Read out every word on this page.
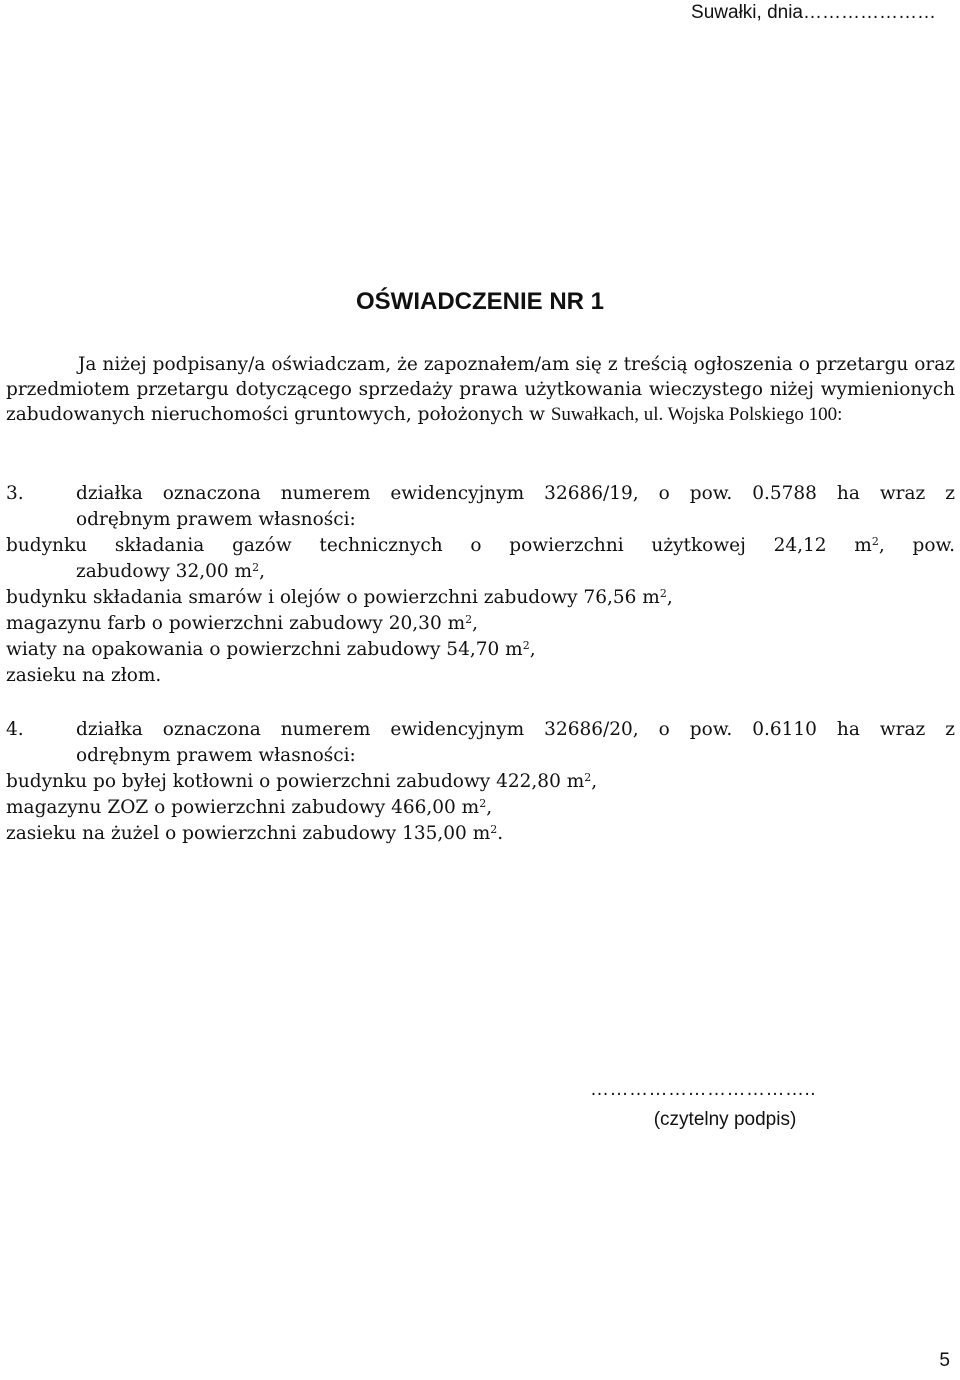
Suwałki, dnia…………………
OŚWIADCZENIE NR 1

Ja niżej podpisany/a oświadczam, że zapoznałem/am się z treścią ogłoszenia o przetargu oraz przedmiotem przetargu dotyczącego sprzedaży prawa użytkowania wieczystego niżej wymienionych zabudowanych nieruchomości gruntowych, położonych w Suwałkach, ul. Wojska Polskiego 100:

3.	działka oznaczona numerem ewidencyjnym 32686/19, o pow. 0.5788 ha wraz z
odrębnym prawem własności:
budynku składania gazów technicznych o powierzchni użytkowej 24,12 $m^2$, pow.
zabudowy 32,00 $m^2$,
budynku składania smarów i olejów o powierzchni zabudowy 76,56 $m^2$,
magazynu farb o powierzchni zabudowy 20,30 $m^2$,
wiaty na opakowania o powierzchni zabudowy 54,70 $m^2$,
zasieku na złom.
4.	działka oznaczona numerem ewidencyjnym 32686/20, o pow. 0.6110 ha wraz z
odrębnym prawem własności:
budynku po byłej kotłowni o powierzchni zabudowy 422,80 $m^2$,
magazynu ZOZ o powierzchni zabudowy 466,00 $m^2$,
zasieku na żużel o powierzchni zabudowy 135,00 $m^2$.
……………………………..
(czytelny podpis)
5
